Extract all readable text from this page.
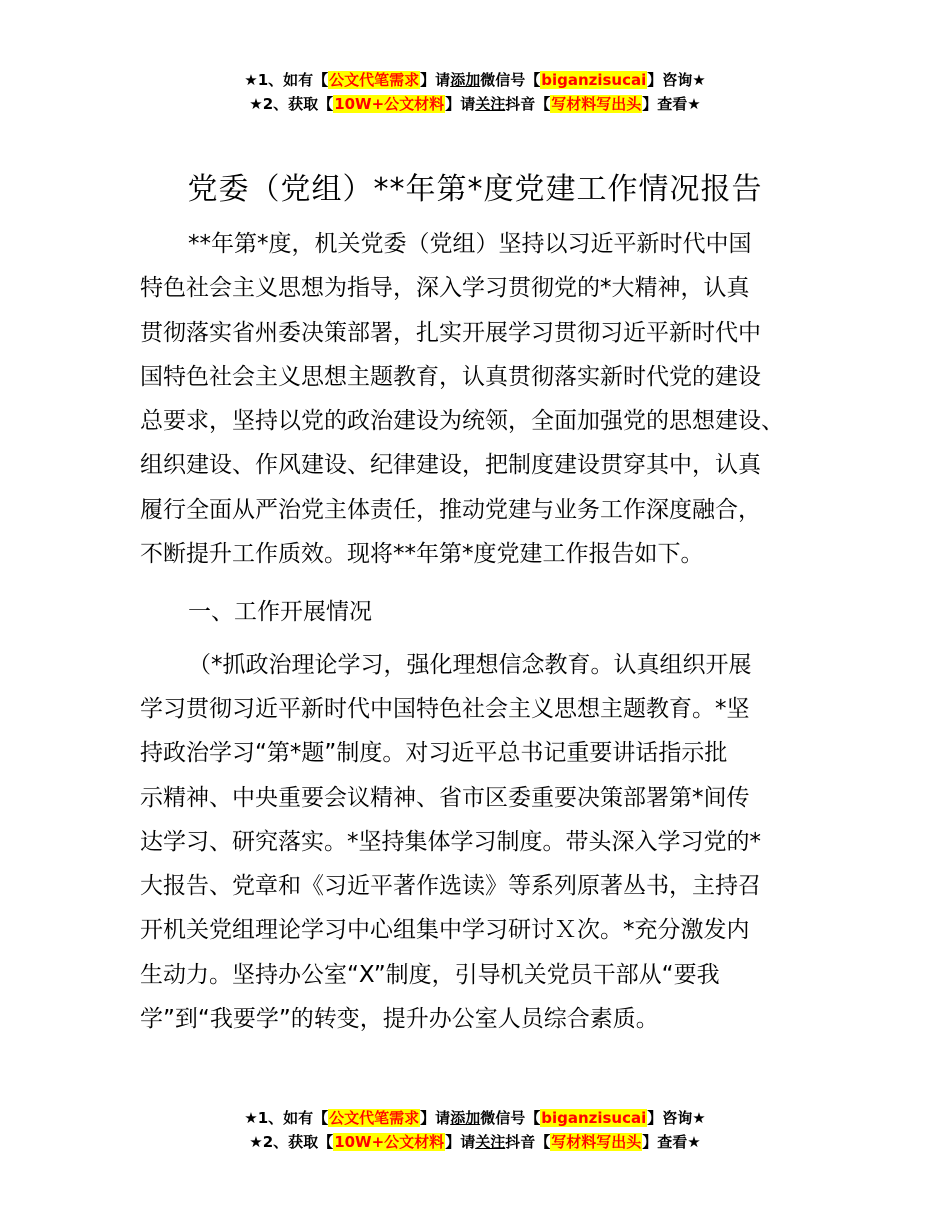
★1、如有【公文代笔需求】请添加微信号【biganzisucai】咨询★
★2、获取【10W+公文材料】请关注抖音【写材料写出头】查看★
党委（党组）**年第*度党建工作情况报告
**年第*度，机关党委（党组）坚持以习近平新时代中国
特色社会主义思想为指导，深入学习贯彻党的*大精神，认真
贯彻落实省州委决策部署，扎实开展学习贯彻习近平新时代中
国特色社会主义思想主题教育，认真贯彻落实新时代党的建设
总要求，坚持以党的政治建设为统领，全面加强党的思想建设、
组织建设、作风建设、纪律建设，把制度建设贯穿其中，认真
履行全面从严治党主体责任，推动党建与业务工作深度融合，
不断提升工作质效。现将**年第*度党建工作报告如下。
一、工作开展情况
（*抓政治理论学习，强化理想信念教育。认真组织开展
学习贯彻习近平新时代中国特色社会主义思想主题教育。*坚
持政治学习“第*题”制度。对习近平总书记重要讲话指示批
示精神、中央重要会议精神、省市区委重要决策部署第*间传
达学习、研究落实。*坚持集体学习制度。带头深入学习党的*
大报告、党章和《习近平著作选读》等系列原著丛书，主持召
开机关党组理论学习中心组集中学习研讨Ｘ次。*充分激发内
生动力。坚持办公室“X”制度，引导机关党员干部从“要我
学”到“我要学”的转变，提升办公室人员综合素质。
★1、如有【公文代笔需求】请添加微信号【biganzisucai】咨询★
★2、获取【10W+公文材料】请关注抖音【写材料写出头】查看★
